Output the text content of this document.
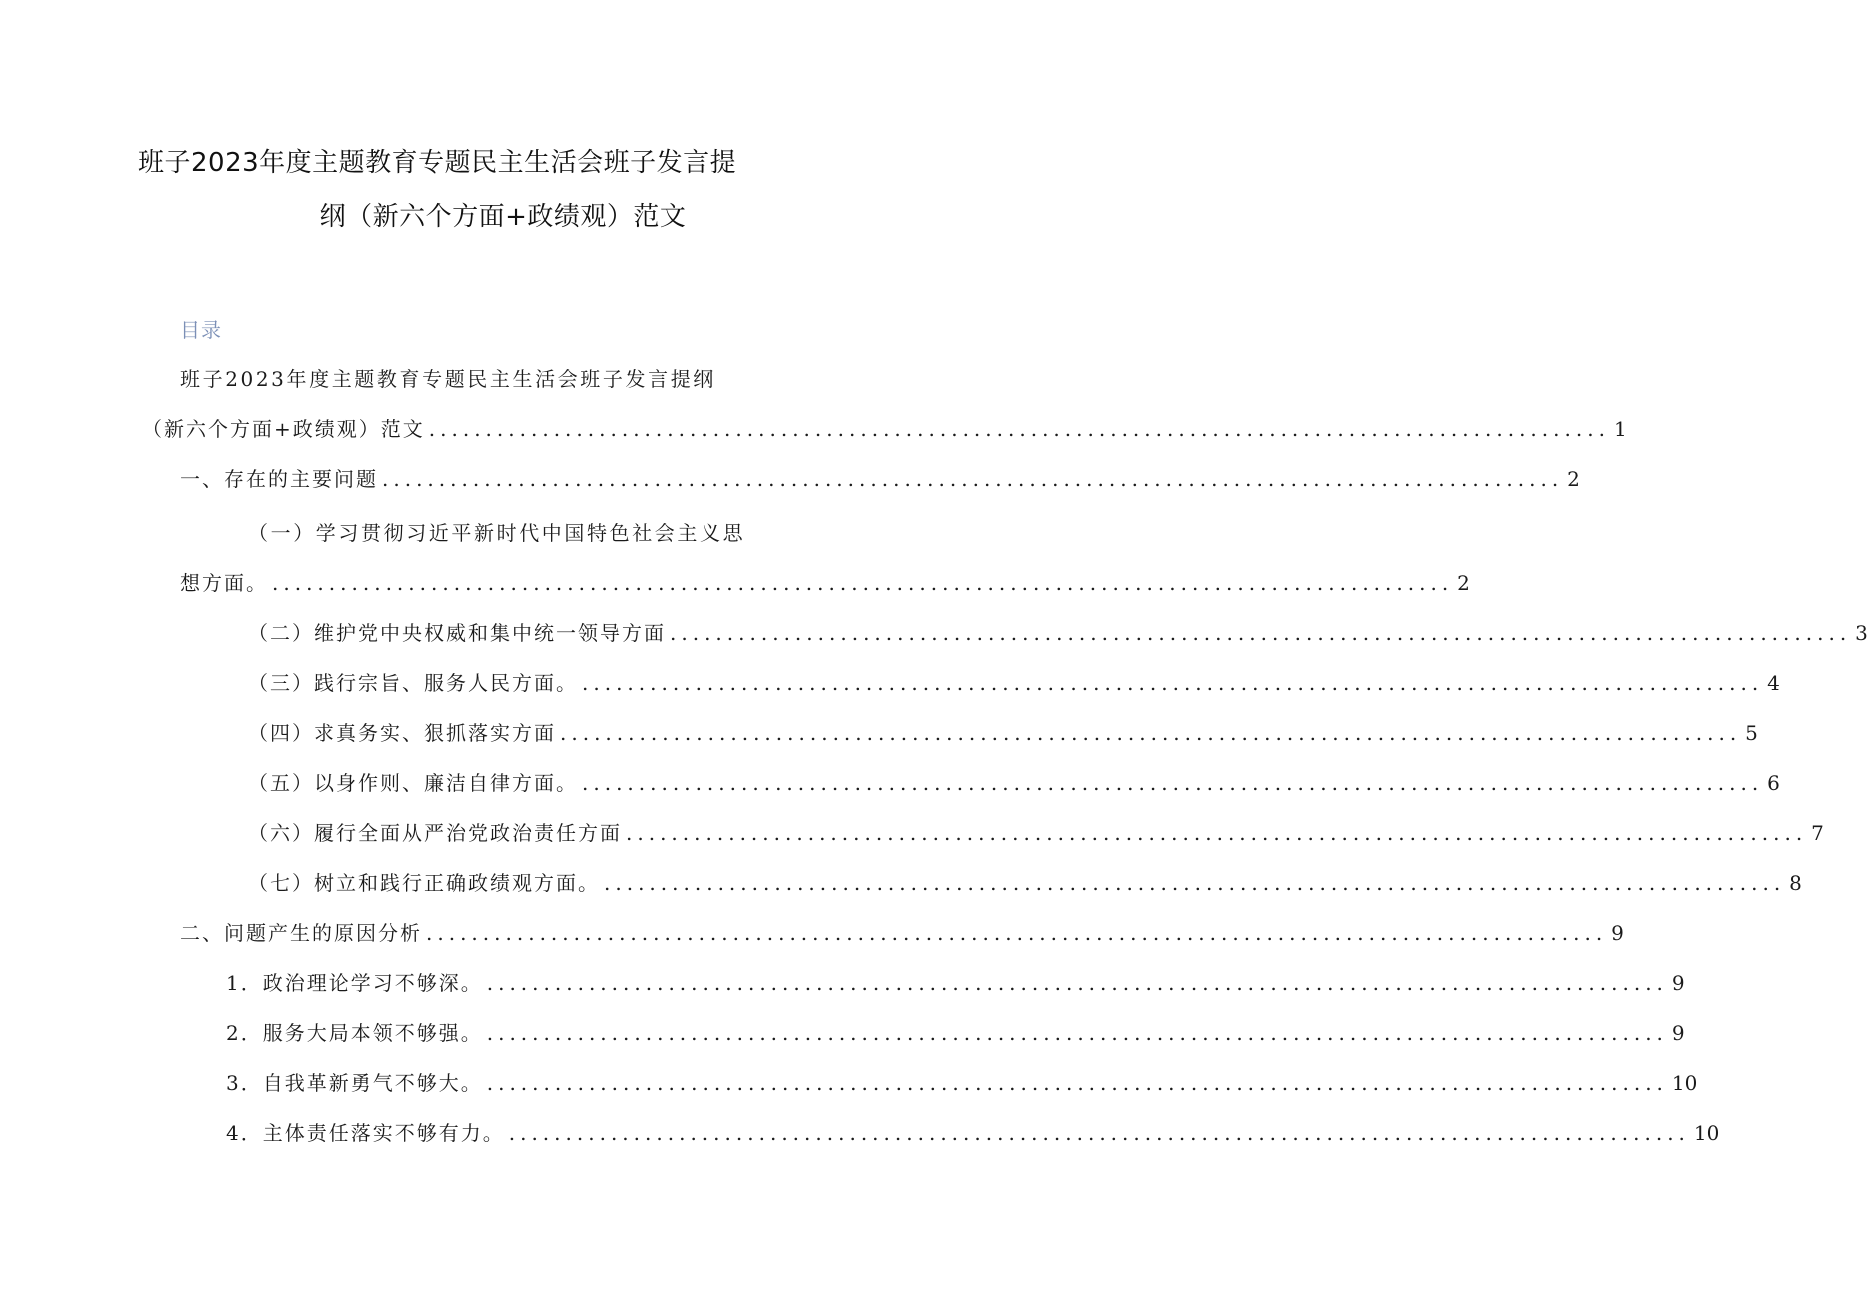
班子2023年度主题教育专题民主生活会班子发言提
纲（新六个方面+政绩观）范文
目录
班子2023年度主题教育专题民主生活会班子发言提纲
（新六个方面+政绩观）范文 ........................................................................................................ 1
一、存在的主要问题 ........................................................................................................ 2
（一）学习贯彻习近平新时代中国特色社会主义思
想方面。 ........................................................................................................ 2
（二）维护党中央权威和集中统一领导方面 ........................................................................................................ 3
（三）践行宗旨、服务人民方面。 ........................................................................................................ 4
（四）求真务实、狠抓落实方面 ........................................................................................................ 5
（五）以身作则、廉洁自律方面。 ........................................................................................................ 6
（六）履行全面从严治党政治责任方面 ........................................................................................................ 7
（七）树立和践行正确政绩观方面。 ........................................................................................................ 8
二、问题产生的原因分析 ........................................................................................................ 9
1．政治理论学习不够深。 ........................................................................................................ 9
2．服务大局本领不够强。 ........................................................................................................ 9
3．自我革新勇气不够大。 ........................................................................................................ 10
4．主体责任落实不够有力。 ........................................................................................................ 10
